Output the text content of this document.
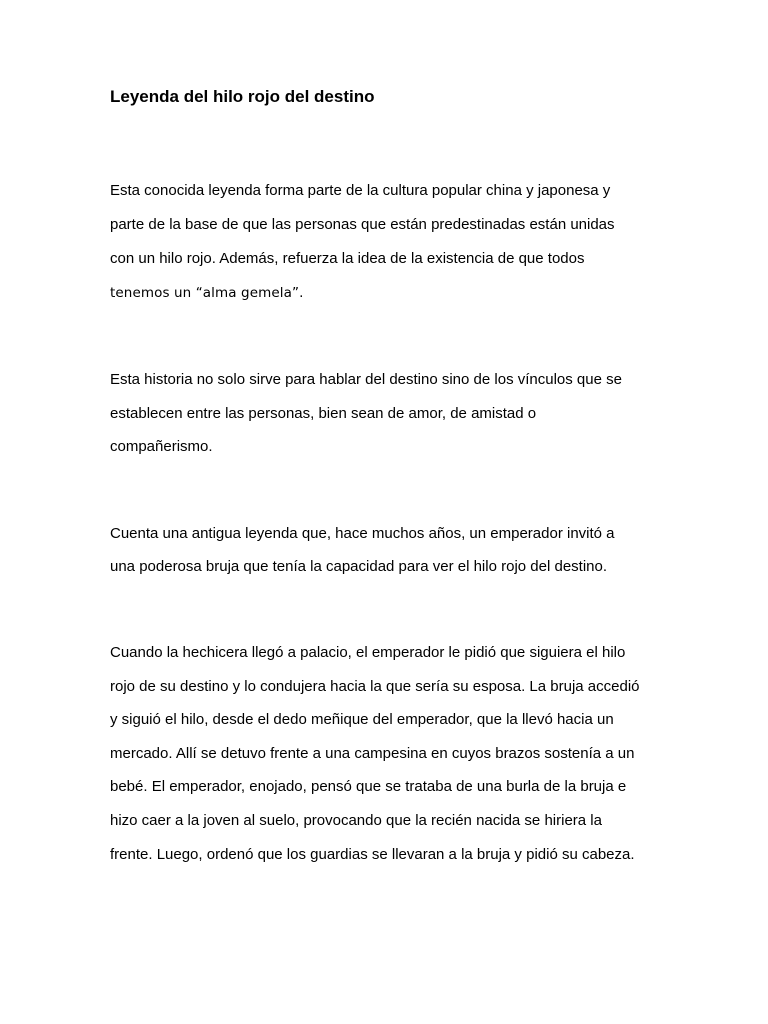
Leyenda del hilo rojo del destino
Esta conocida leyenda forma parte de la cultura popular china y japonesa y
parte de la base de que las personas que están predestinadas están unidas
con un hilo rojo. Además, refuerza la idea de la existencia de que todos
tenemos un “alma gemela”.
Esta historia no solo sirve para hablar del destino sino de los vínculos que se
establecen entre las personas, bien sean de amor, de amistad o
compañerismo.
Cuenta una antigua leyenda que, hace muchos años, un emperador invitó a
una poderosa bruja que tenía la capacidad para ver el hilo rojo del destino.
Cuando la hechicera llegó a palacio, el emperador le pidió que siguiera el hilo
rojo de su destino y lo condujera hacia la que sería su esposa. La bruja accedió
y siguió el hilo, desde el dedo meñique del emperador, que la llevó hacia un
mercado. Allí se detuvo frente a una campesina en cuyos brazos sostenía a un
bebé. El emperador, enojado, pensó que se trataba de una burla de la bruja e
hizo caer a la joven al suelo, provocando que la recién nacida se hiriera la
frente. Luego, ordenó que los guardias se llevaran a la bruja y pidió su cabeza.
